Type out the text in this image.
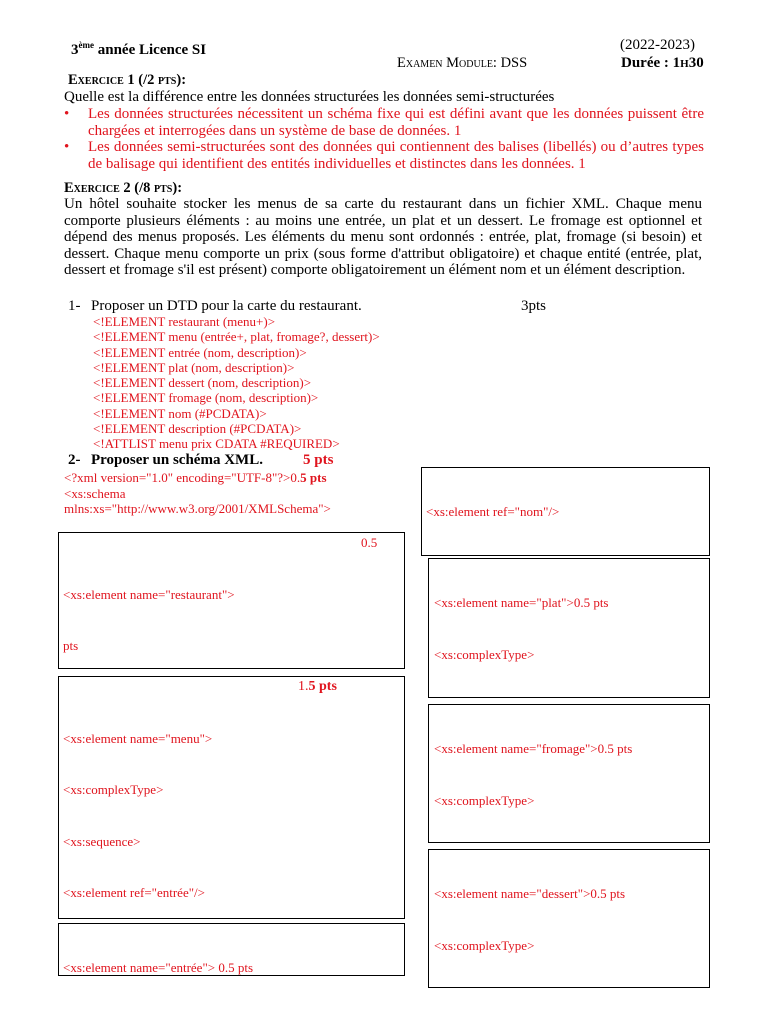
3ème année Licence SI	(2022-2023)
Examen Module: DSS	Durée : 1h30
Exercice 1 (/2 pts):
Quelle est la différence entre les données structurées les données semi-structurées
• Les données structurées nécessitent un schéma fixe qui est défini avant que les données puissent être chargées et interrogées dans un système de base de données. 1
• Les données semi-structurées sont des données qui contiennent des balises (libellés) ou d’autres types de balisage qui identifient des entités individuelles et distinctes dans les données. 1
Exercice 2 (/8 pts):
Un hôtel souhaite stocker les menus de sa carte du restaurant dans un fichier XML. Chaque menu comporte plusieurs éléments : au moins une entrée, un plat et un dessert. Le fromage est optionnel et dépend des menus proposés. Les éléments du menu sont ordonnés : entrée, plat, fromage (si besoin) et dessert. Chaque menu comporte un prix (sous forme d'attribut obligatoire) et chaque entité (entrée, plat, dessert et fromage s'il est présent) comporte obligatoirement un élément nom et un élément description.
1- Proposer un DTD pour la carte du restaurant.	3pts
<!ELEMENT restaurant (menu+)>
<!ELEMENT menu (entrée+, plat, fromage?, dessert)>
<!ELEMENT entrée (nom, description)>
<!ELEMENT plat (nom, description)>
<!ELEMENT dessert (nom, description)>
<!ELEMENT fromage (nom, description)>
<!ELEMENT nom (#PCDATA)>
<!ELEMENT description (#PCDATA)>
<!ATTLIST menu prix CDATA #REQUIRED>
2- Proposer un schéma XML.	5 pts
<?xml version="1.0" encoding="UTF-8"?>0.5 pts
<xs:schema
mlns:xs="http://www.w3.org/2001/XMLSchema">

0.5

<xs:element name="restaurant">

pts

1.5 pts

<xs:element name="menu">

<xs:complexType>

<xs:sequence>

<xs:element ref="entrée"/>

<xs:element name="entrée"> 0.5 pts

<xs:element ref="nom"/>

<xs:element name="plat">0.5 pts

<xs:complexType>

<xs:element name="fromage">0.5 pts

<xs:complexType>

<xs:element name="dessert">0.5 pts

<xs:complexType>
